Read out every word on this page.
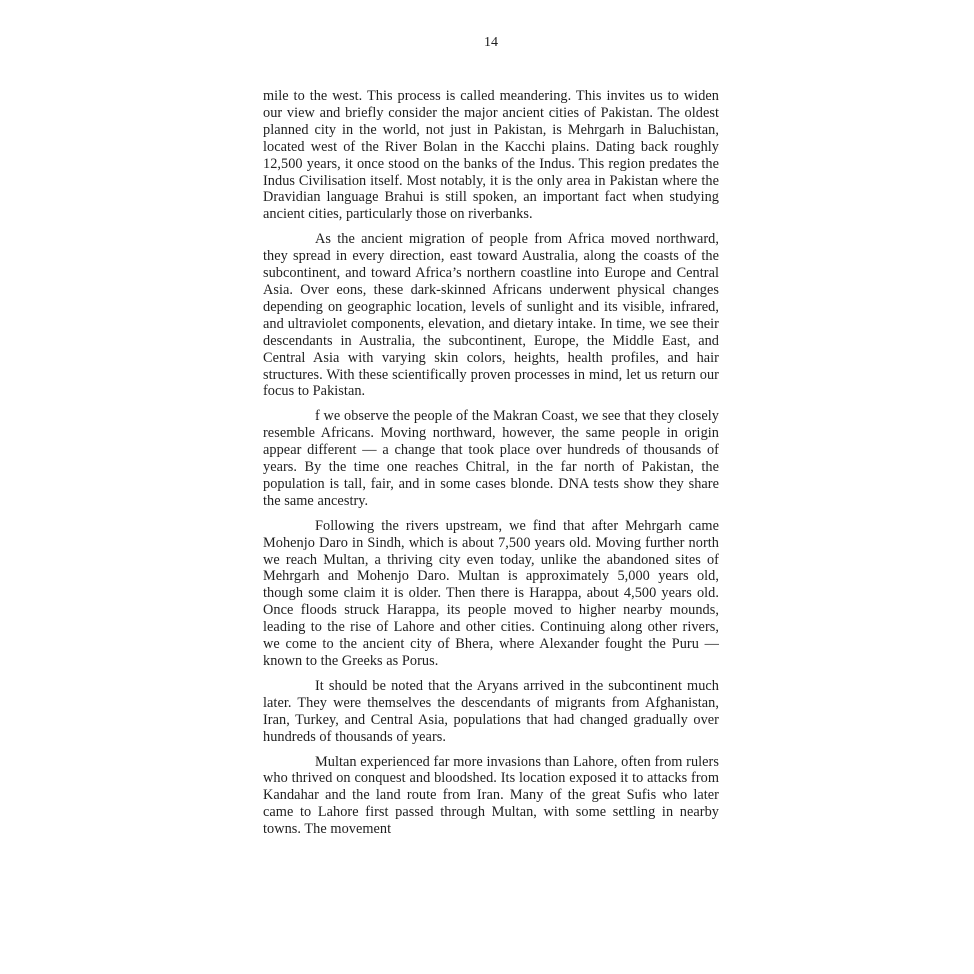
14

mile to the west. This process is called meandering. This invites us to widen our view and briefly consider the major ancient cities of Pakistan. The oldest planned city in the world, not just in Pakistan, is Mehrgarh in Baluchistan, located west of the River Bolan in the Kacchi plains. Dating back roughly 12,500 years, it once stood on the banks of the Indus. This region predates the Indus Civilisation itself. Most notably, it is the only area in Pakistan where the Dravidian language Brahui is still spoken, an important fact when studying ancient cities, particularly those on riverbanks.

As the ancient migration of people from Africa moved northward, they spread in every direction, east toward Australia, along the coasts of the subcontinent, and toward Africa’s northern coastline into Europe and Central Asia. Over eons, these dark-skinned Africans underwent physical changes depending on geographic location, levels of sunlight and its visible, infrared, and ultraviolet components, elevation, and dietary intake. In time, we see their descendants in Australia, the subcontinent, Europe, the Middle East, and Central Asia with varying skin colors, heights, health profiles, and hair structures. With these scientifically proven processes in mind, let us return our focus to Pakistan.

f we observe the people of the Makran Coast, we see that they closely resemble Africans. Moving northward, however, the same people in origin appear different — a change that took place over hundreds of thousands of years. By the time one reaches Chitral, in the far north of Pakistan, the population is tall, fair, and in some cases blonde. DNA tests show they share the same ancestry.

Following the rivers upstream, we find that after Mehrgarh came Mohenjo Daro in Sindh, which is about 7,500 years old. Moving further north we reach Multan, a thriving city even today, unlike the abandoned sites of Mehrgarh and Mohenjo Daro. Multan is approximately 5,000 years old, though some claim it is older. Then there is Harappa, about 4,500 years old. Once floods struck Harappa, its people moved to higher nearby mounds, leading to the rise of Lahore and other cities. Continuing along other rivers, we come to the ancient city of Bhera, where Alexander fought the Puru — known to the Greeks as Porus.

It should be noted that the Aryans arrived in the subcontinent much later. They were themselves the descendants of migrants from Afghanistan, Iran, Turkey, and Central Asia, populations that had changed gradually over hundreds of thousands of years.

Multan experienced far more invasions than Lahore, often from rulers who thrived on conquest and bloodshed. Its location exposed it to attacks from Kandahar and the land route from Iran. Many of the great Sufis who later came to Lahore first passed through Multan, with some settling in nearby towns. The movement
